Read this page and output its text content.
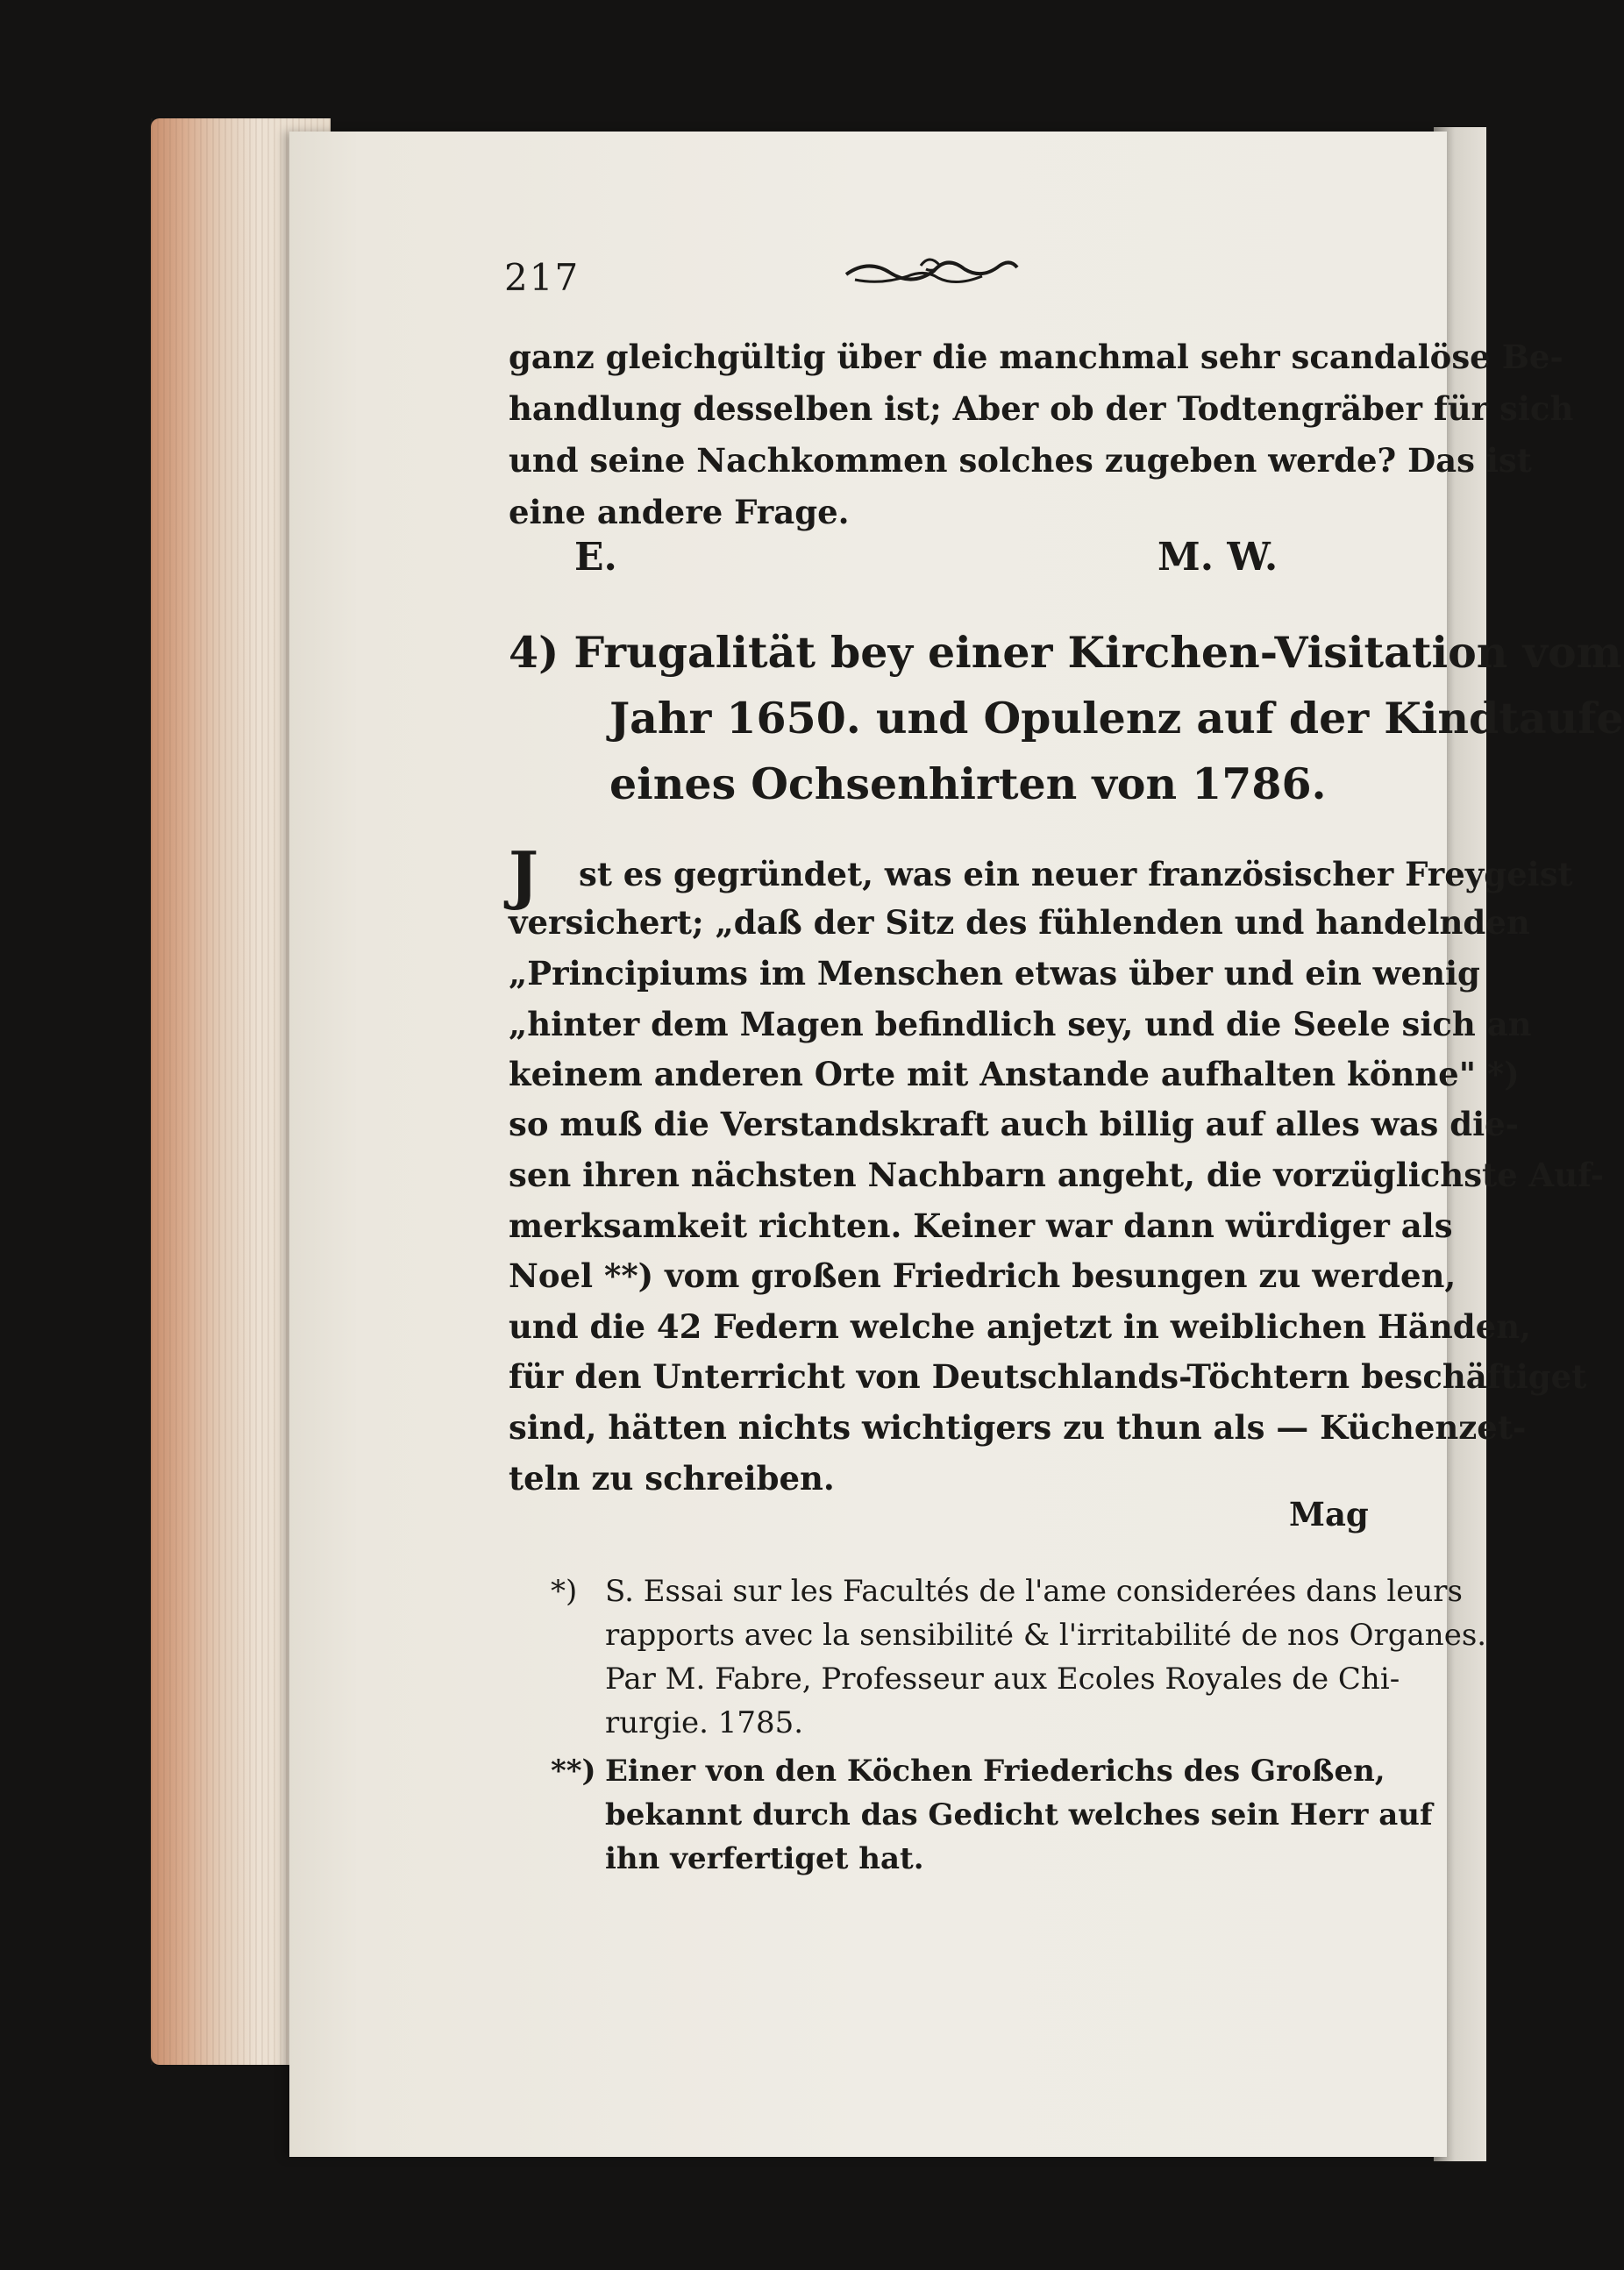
217
ganz gleichgültig über die manchmal sehr scandalöse Be-
handlung desselben ist; Aber ob der Todtengräber für sich
und seine Nachkommen solches zugeben werde? Das ist
eine andere Frage.
E.	M. W.
4) Frugalität bey einer Kirchen-Visitation vom
Jahr 1650. und Opulenz auf der Kindtaufe
eines Ochsenhirten von 1786.
J st es gegründet, was ein neuer französischer Freygeist
versichert; „daß der Sitz des fühlenden und handelnden
„Principiums im Menschen etwas über und ein wenig
„hinter dem Magen befindlich sey, und die Seele sich an
keinem anderen Orte mit Anstande aufhalten könne" *)
so muß die Verstandskraft auch billig auf alles was die-
sen ihren nächsten Nachbarn angeht, die vorzüglichste Auf-
merksamkeit richten. Keiner war dann würdiger als
Noel **) vom großen Friedrich besungen zu werden,
und die 42 Federn welche anjetzt in weiblichen Händen,
für den Unterricht von Deutschlands-Töchtern beschäftiget
sind, hätten nichts wichtigers zu thun als — Küchenzet-
teln zu schreiben.
Mag
*) S. Essai sur les Facultés de l'ame considerées dans leurs
rapports avec la sensibilité & l'irritabilité de nos Organes.
Par M. Fabre, Professeur aux Ecoles Royales de Chi-
rurgie. 1785.
**) Einer von den Köchen Friederichs des Großen,
bekannt durch das Gedicht welches sein Herr auf
ihn verfertiget hat.
